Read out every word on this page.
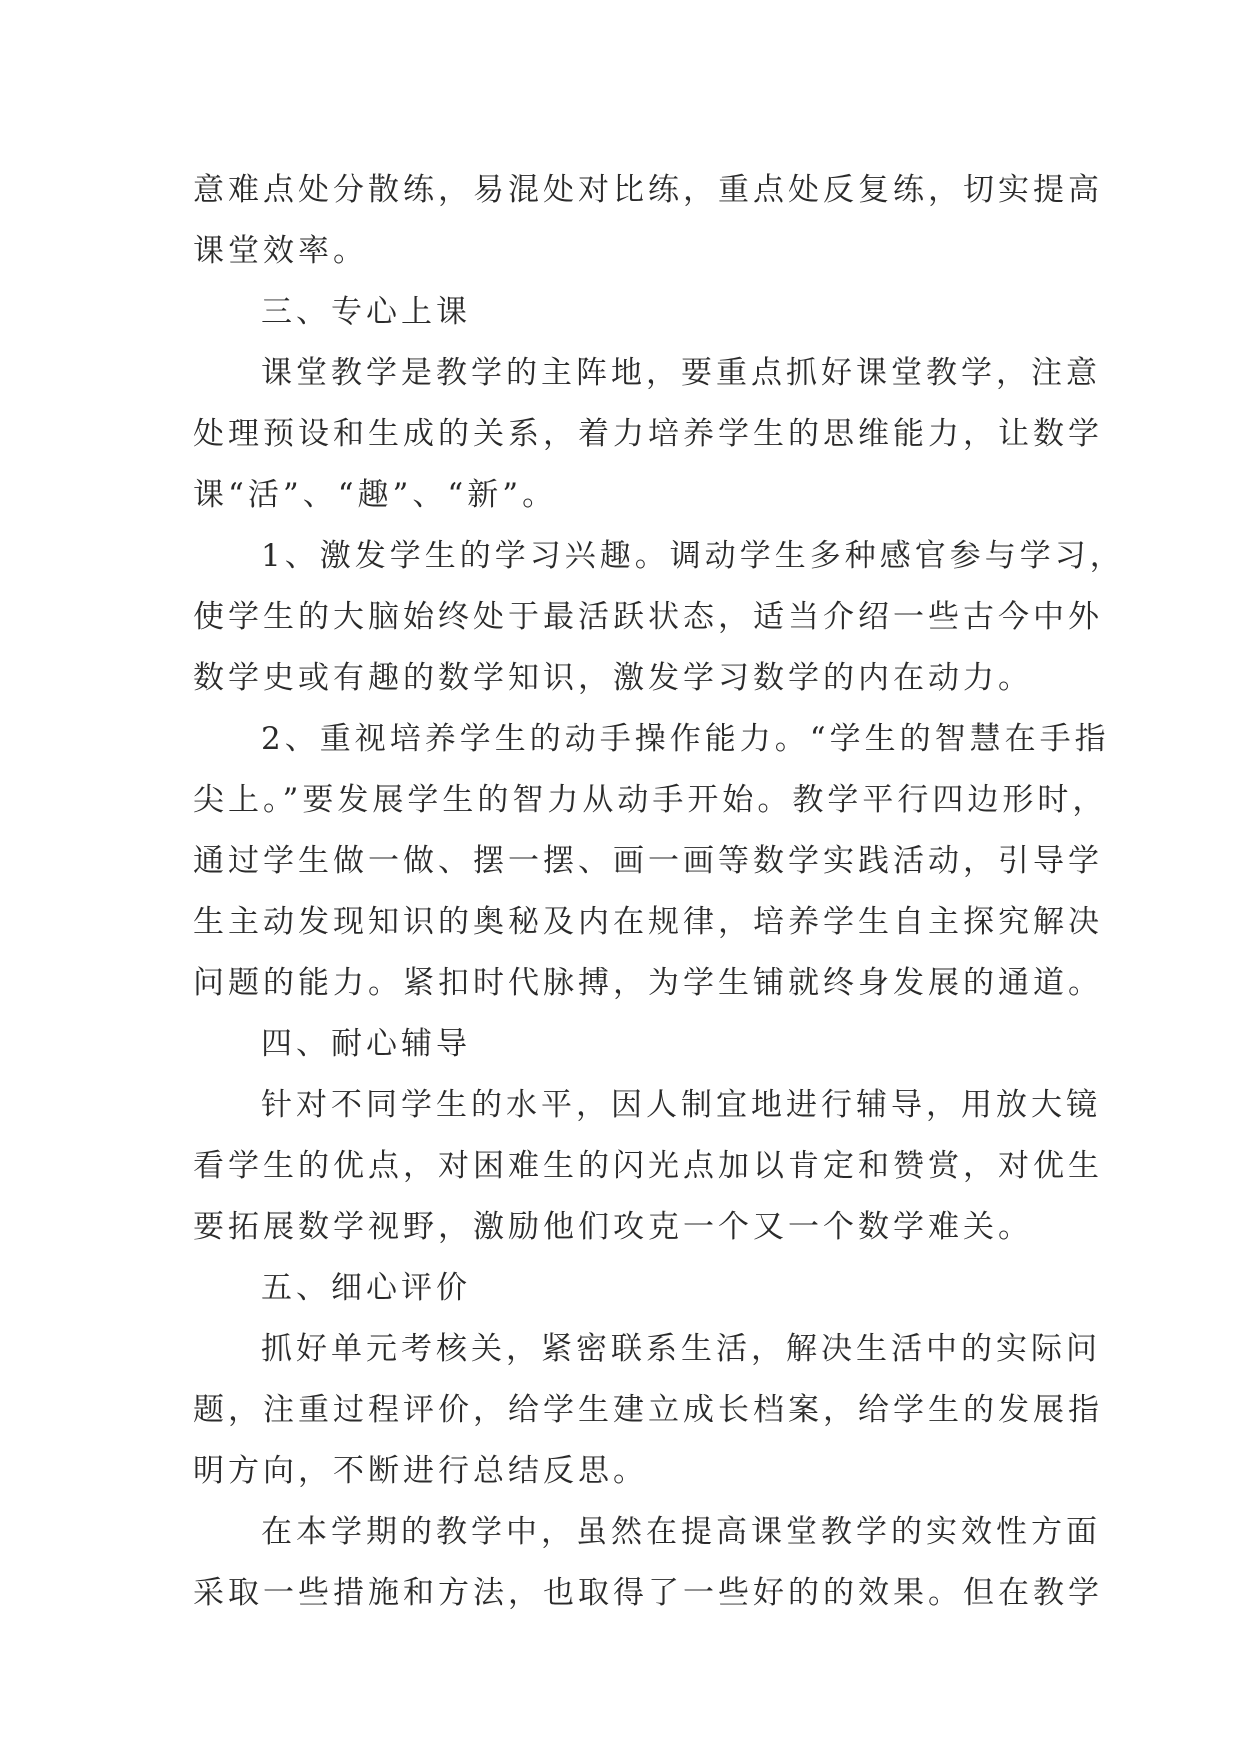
意难点处分散练，易混处对比练，重点处反复练，切实提高
课堂效率。
三、专心上课
课堂教学是教学的主阵地，要重点抓好课堂教学，注意
处理预设和生成的关系，着力培养学生的思维能力，让数学
课“活”、“趣”、“新”。
1、激发学生的学习兴趣。调动学生多种感官参与学习，
使学生的大脑始终处于最活跃状态，适当介绍一些古今中外
数学史或有趣的数学知识，激发学习数学的内在动力。
2、重视培养学生的动手操作能力。“学生的智慧在手指
尖上。”要发展学生的智力从动手开始。教学平行四边形时，
通过学生做一做、摆一摆、画一画等数学实践活动，引导学
生主动发现知识的奥秘及内在规律，培养学生自主探究解决
问题的能力。紧扣时代脉搏，为学生铺就终身发展的通道。
四、耐心辅导
针对不同学生的水平，因人制宜地进行辅导，用放大镜
看学生的优点，对困难生的闪光点加以肯定和赞赏，对优生
要拓展数学视野，激励他们攻克一个又一个数学难关。
五、细心评价
抓好单元考核关，紧密联系生活，解决生活中的实际问
题，注重过程评价，给学生建立成长档案，给学生的发展指
明方向，不断进行总结反思。
在本学期的教学中，虽然在提高课堂教学的实效性方面
采取一些措施和方法，也取得了一些好的的效果。但在教学
